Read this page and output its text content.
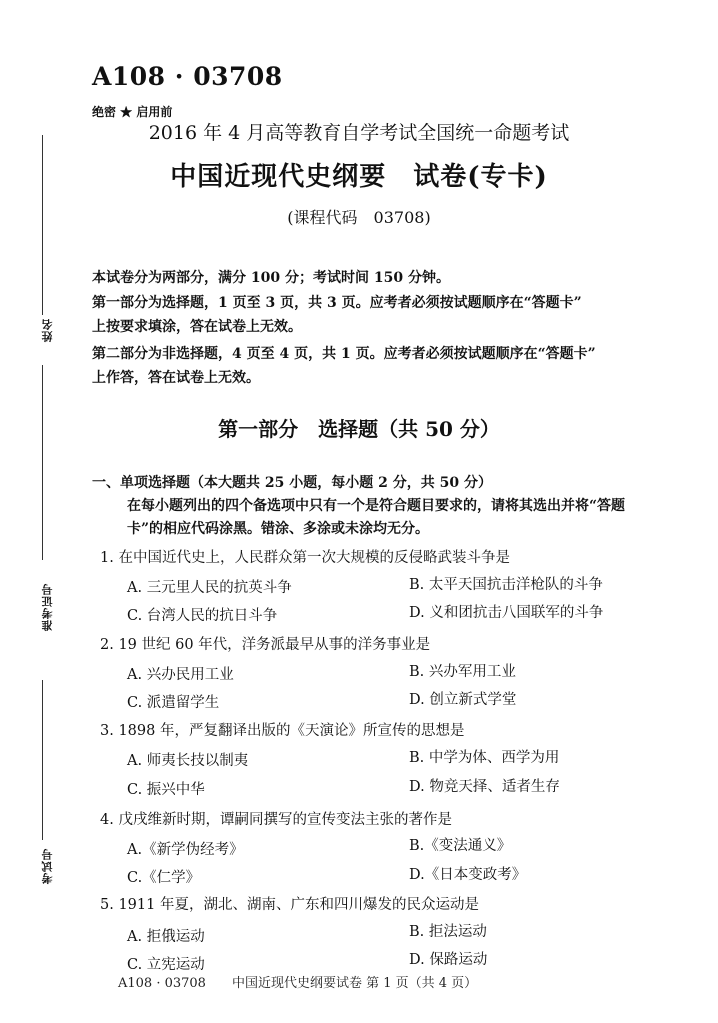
姓名
准考证号
考试号
A108 · 03708
绝密 ★ 启用前
2016 年 4 月高等教育自学考试全国统一命题考试
中国近现代史纲要　试卷(专卡)
(课程代码　03708)
本试卷分为两部分，满分 100 分；考试时间 150 分钟。
第一部分为选择题，1 页至 3 页，共 3 页。应考者必须按试题顺序在“答题卡”
上按要求填涂，答在试卷上无效。
第二部分为非选择题，4 页至 4 页，共 1 页。应考者必须按试题顺序在“答题卡”
上作答，答在试卷上无效。
第一部分　选择题（共 50 分）
一、单项选择题（本大题共 25 小题，每小题 2 分，共 50 分）
在每小题列出的四个备选项中只有一个是符合题目要求的，请将其选出并将“答题
卡”的相应代码涂黑。错涂、多涂或未涂均无分。
1. 在中国近代史上，人民群众第一次大规模的反侵略武装斗争是
A. 三元里人民的抗英斗争	B. 太平天国抗击洋枪队的斗争
C. 台湾人民的抗日斗争	D. 义和团抗击八国联军的斗争
2. 19 世纪 60 年代，洋务派最早从事的洋务事业是
A. 兴办民用工业	B. 兴办军用工业
C. 派遣留学生	D. 创立新式学堂
3. 1898 年，严复翻译出版的《天演论》所宣传的思想是
A. 师夷长技以制夷	B. 中学为体、西学为用
C. 振兴中华	D. 物竞天择、适者生存
4. 戊戌维新时期，谭嗣同撰写的宣传变法主张的著作是
A.《新学伪经考》	B.《变法通义》
C.《仁学》	D.《日本变政考》
5. 1911 年夏，湖北、湖南、广东和四川爆发的民众运动是
A. 拒俄运动	B. 拒法运动
C. 立宪运动	D. 保路运动
A108 · 03708　　中国近现代史纲要试卷 第 1 页（共 4 页）
